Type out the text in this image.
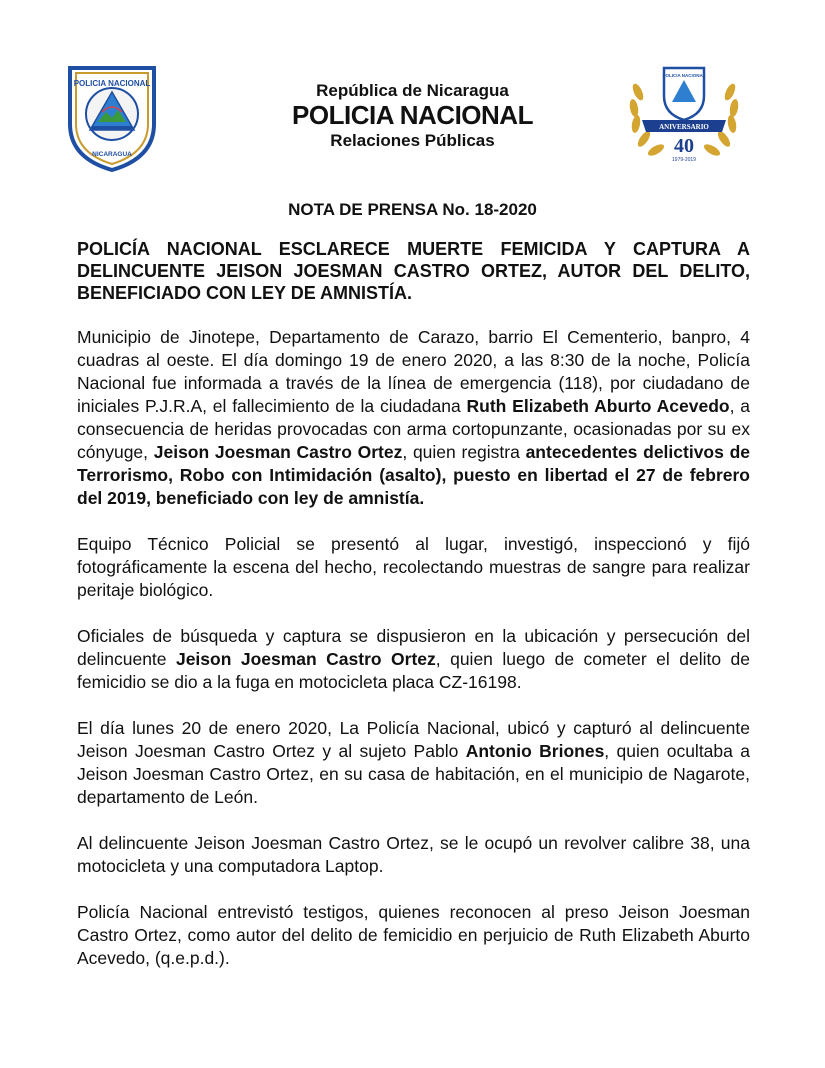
POLICIA NACIONAL
NICARAGUA
República de Nicaragua
POLICIA NACIONAL
Relaciones Públicas
POLICIA NACIONAL
ANIVERSARIO
40
1979-2019
NOTA DE PRENSA No. 18-2020

POLICÍA NACIONAL ESCLARECE MUERTE FEMICIDA Y CAPTURA A DELINCUENTE JEISON JOESMAN CASTRO ORTEZ, AUTOR DEL DELITO, BENEFICIADO CON LEY DE AMNISTÍA.

Municipio de Jinotepe, Departamento de Carazo, barrio El Cementerio, banpro, 4 cuadras al oeste. El día domingo 19 de enero 2020, a las 8:30 de la noche, Policía Nacional fue informada a través de la línea de emergencia (118), por ciudadano de iniciales P.J.R.A, el fallecimiento de la ciudadana Ruth Elizabeth Aburto Acevedo, a consecuencia de heridas provocadas con arma cortopunzante, ocasionadas por su ex cónyuge, Jeison Joesman Castro Ortez, quien registra antecedentes delictivos de Terrorismo, Robo con Intimidación (asalto), puesto en libertad el 27 de febrero del 2019, beneficiado con ley de amnistía.

Equipo Técnico Policial se presentó al lugar, investigó, inspeccionó y fijó fotográficamente la escena del hecho, recolectando muestras de sangre para realizar peritaje biológico.

Oficiales de búsqueda y captura se dispusieron en la ubicación y persecución del delincuente Jeison Joesman Castro Ortez, quien luego de cometer el delito de femicidio se dio a la fuga en motocicleta placa CZ-16198.

El día lunes 20 de enero 2020, La Policía Nacional, ubicó y capturó al delincuente Jeison Joesman Castro Ortez y al sujeto Pablo Antonio Briones, quien ocultaba a Jeison Joesman Castro Ortez, en su casa de habitación, en el municipio de Nagarote, departamento de León.

Al delincuente Jeison Joesman Castro Ortez, se le ocupó un revolver calibre 38, una motocicleta y una computadora Laptop.

Policía Nacional entrevistó testigos, quienes reconocen al preso Jeison Joesman Castro Ortez, como autor del delito de femicidio en perjuicio de Ruth Elizabeth Aburto Acevedo, (q.e.p.d.).
